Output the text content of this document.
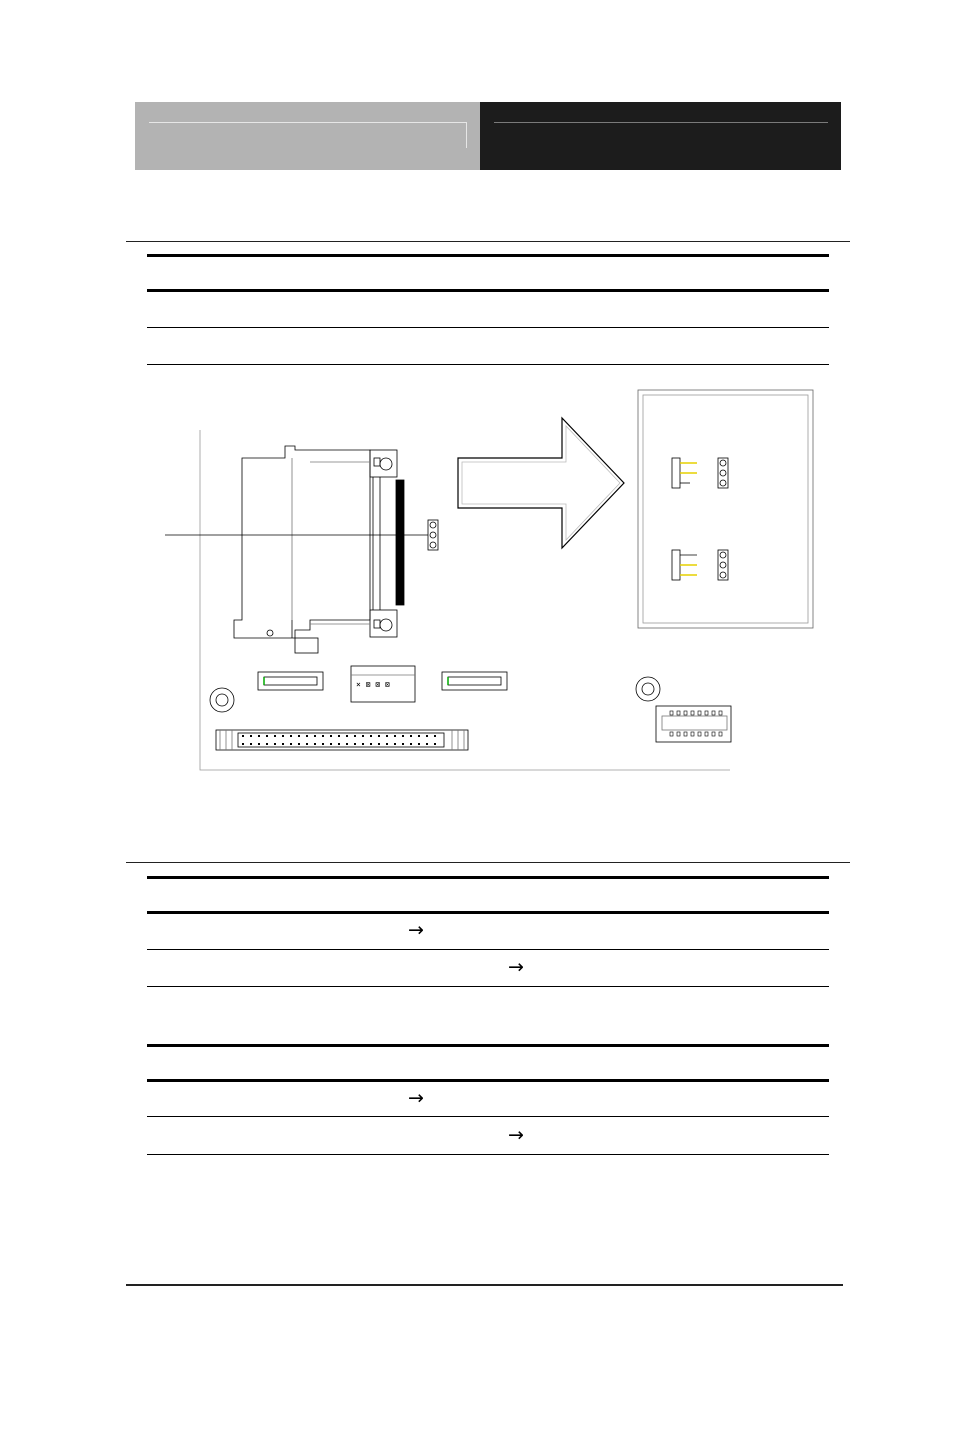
× ⊠ ⊠ ⊠
→
→
→
→
